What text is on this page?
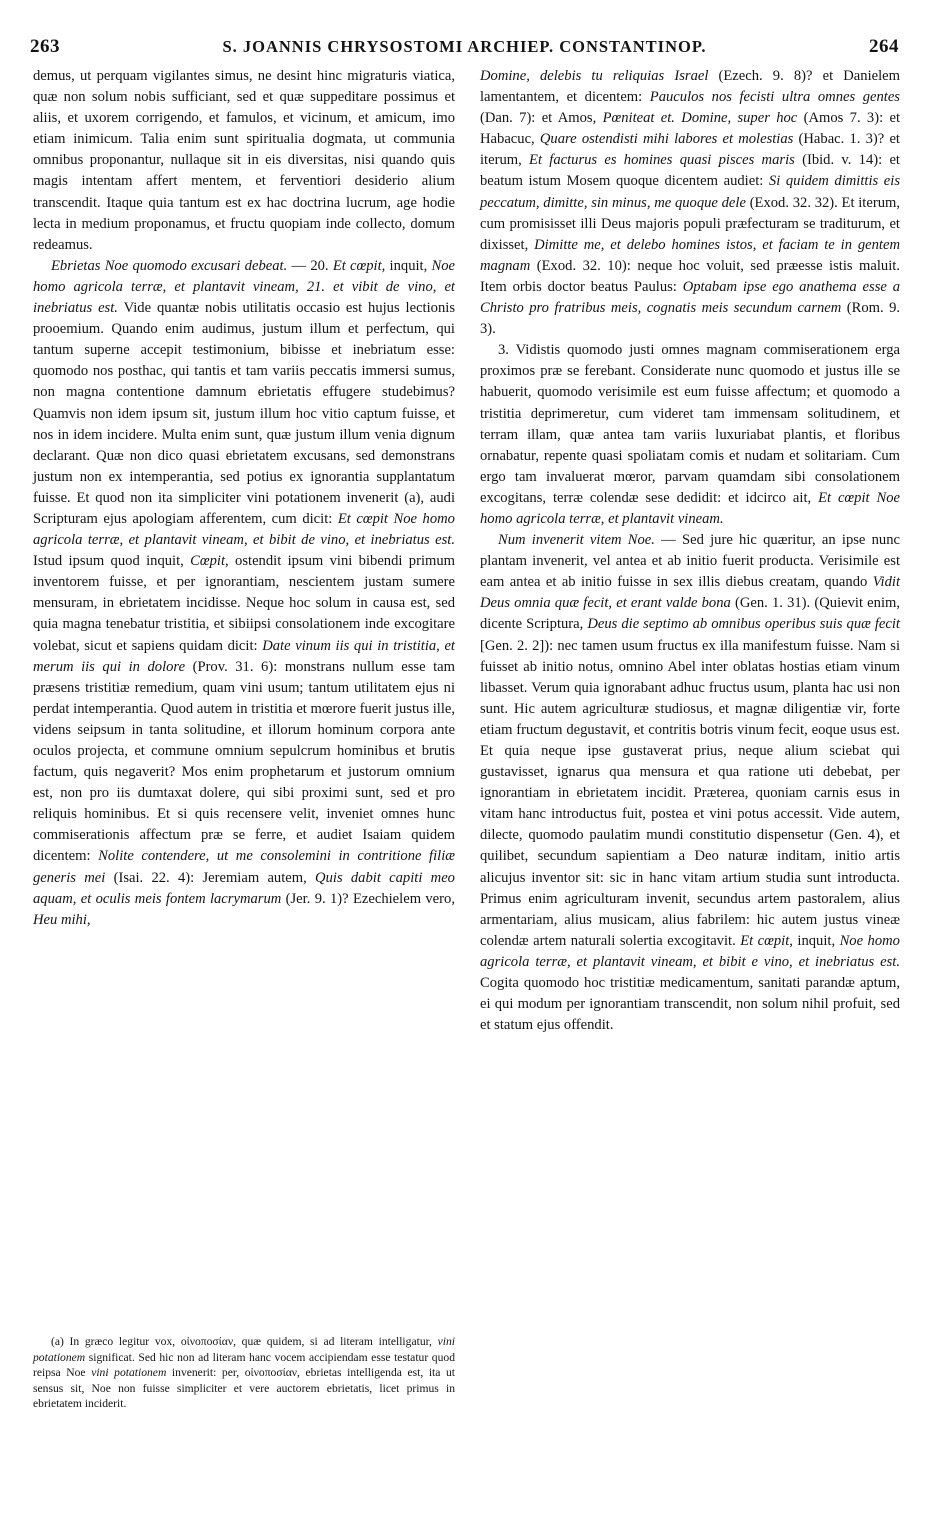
263	S. JOANNIS CHRYSOSTOMI ARCHIEP. CONSTANTINOP.	264

demus, ut perquam vigilantes simus, ne desint hinc migraturis viatica, quæ non solum nobis sufficiant, sed et quæ suppeditare possimus et aliis, et uxorem corrigendo, et famulos, et vicinum, et amicum, imo etiam inimicum. Talia enim sunt spiritualia dogmata, ut communia omnibus proponantur, nullaque sit in eis diversitas, nisi quando quis magis intentam affert mentem, et ferventiori desiderio alium transcendit. Itaque quia tantum est ex hac doctrina lucrum, age hodie lecta in medium proponamus, et fructu quopiam inde collecto, domum redeamus.

Ebrietas Noe quomodo excusari debeat. — 20. Et cœpit, inquit, Noe homo agricola terræ, et plantavit vineam, 21. et vibit de vino, et inebriatus est. Vide quantæ nobis utilitatis occasio est hujus lectionis prooemium. Quando enim audimus, justum illum et perfectum, qui tantum superne accepit testimonium, bibisse et inebriatum esse: quomodo nos posthac, qui tantis et tam variis peccatis immersi sumus, non magna contentione damnum ebrietatis effugere studebimus? Quamvis non idem ipsum sit, justum illum hoc vitio captum fuisse, et nos in idem incidere. Multa enim sunt, quæ justum illum venia dignum declarant. Quæ non dico quasi ebrietatem excusans, sed demonstrans justum non ex intemperantia, sed potius ex ignorantia supplantatum fuisse. Et quod non ita simpliciter vini potationem invenerit (a), audi Scripturam ejus apologiam afferentem, cum dicit: Et cœpit Noe homo agricola terræ, et plantavit vineam, et bibit de vino, et inebriatus est. Istud ipsum quod inquit, Cœpit, ostendit ipsum vini bibendi primum inventorem fuisse, et per ignorantiam, nescientem justam sumere mensuram, in ebrietatem incidisse. Neque hoc solum in causa est, sed quia magna tenebatur tristitia, et sibiipsi consolationem inde excogitare volebat, sicut et sapiens quidam dicit: Date vinum iis qui in tristitia, et merum iis qui in dolore (Prov. 31. 6): monstrans nullum esse tam præsens tristitiæ remedium, quam vini usum; tantum utilitatem ejus ni perdat intemperantia. Quod autem in tristitia et mœrore fuerit justus ille, videns seipsum in tanta solitudine, et illorum hominum corpora ante oculos projecta, et commune omnium sepulcrum hominibus et brutis factum, quis negaverit? Mos enim prophetarum et justorum omnium est, non pro iis dumtaxat dolere, qui sibi proximi sunt, sed et pro reliquis hominibus. Et si quis recensere velit, inveniet omnes hunc commiserationis affectum præ se ferre, et audiet Isaiam quidem dicentem: Nolite contendere, ut me consolemini in contritione filiæ generis mei (Isai. 22. 4): Jeremiam autem, Quis dabit capiti meo aquam, et oculis meis fontem lacrymarum (Jer. 9. 1)? Ezechielem vero, Heu mihi,

(a) In græco legitur vox, οἰνοποσίαν, quæ quidem, si ad literam intelligatur, vini potationem significat. Sed hic non ad literam hanc vocem accipiendam esse testatur quod reipsa Noe vini potationem invenerit: per, οἰνοποσίαν, ebrietas intelligenda est, ita ut sensus sit, Noe non fuisse simpliciter et vere auctorem ebrietatis, licet primus in ebrietatem inciderit.

Domine, delebis tu reliquias Israel (Ezech. 9. 8)? et Danielem lamentantem, et dicentem: Pauculos nos fecisti ultra omnes gentes (Dan. 7): et Amos, Pœniteat et. Domine, super hoc (Amos 7. 3): et Habacuc, Quare ostendisti mihi labores et molestias (Habac. 1. 3)? et iterum, Et facturus es homines quasi pisces maris (Ibid. v. 14): et beatum istum Mosem quoque dicentem audiet: Si quidem dimittis eis peccatum, dimitte, sin minus, me quoque dele (Exod. 32. 32). Et iterum, cum promisisset illi Deus majoris populi præfecturam se traditurum, et dixisset, Dimitte me, et delebo homines istos, et faciam te in gentem magnam (Exod. 32. 10): neque hoc voluit, sed præesse istis maluit. Item orbis doctor beatus Paulus: Optabam ipse ego anathema esse a Christo pro fratribus meis, cognatis meis secundum carnem (Rom. 9. 3).

3. Vidistis quomodo justi omnes magnam commiserationem erga proximos præ se ferebant. Considerate nunc quomodo et justus ille se habuerit, quomodo verisimile est eum fuisse affectum; et quomodo a tristitia deprimeretur, cum videret tam immensam solitudinem, et terram illam, quæ antea tam variis luxuriabat plantis, et floribus ornabatur, repente quasi spoliatam comis et nudam et solitariam. Cum ergo tam invaluerat mœror, parvam quamdam sibi consolationem excogitans, terræ colendæ sese dedidit: et idcirco ait, Et cœpit Noe homo agricola terræ, et plantavit vineam.

Num invenerit vitem Noe. — Sed jure hic quæritur, an ipse nunc plantam invenerit, vel antea et ab initio fuerit producta. Verisimile est eam antea et ab initio fuisse in sex illis diebus creatam, quando Vidit Deus omnia quæ fecit, et erant valde bona (Gen. 1. 31). (Quievit enim, dicente Scriptura, Deus die septimo ab omnibus operibus suis quæ fecit [Gen. 2. 2]): nec tamen usum fructus ex illa manifestum fuisse. Nam si fuisset ab initio notus, omnino Abel inter oblatas hostias etiam vinum libasset. Verum quia ignorabant adhuc fructus usum, planta hac usi non sunt. Hic autem agriculturæ studiosus, et magnæ diligentiæ vir, forte etiam fructum degustavit, et contritis botris vinum fecit, eoque usus est. Et quia neque ipse gustaverat prius, neque alium sciebat qui gustavisset, ignarus qua mensura et qua ratione uti debebat, per ignorantiam in ebrietatem incidit. Præterea, quoniam carnis esus in vitam hanc introductus fuit, postea et vini potus accessit. Vide autem, dilecte, quomodo paulatim mundi constitutio dispensetur (Gen. 4), et quilibet, secundum sapientiam a Deo naturæ inditam, initio artis alicujus inventor sit: sic in hanc vitam artium studia sunt introducta. Primus enim agriculturam invenit, secundus artem pastoralem, alius armentariam, alius musicam, alius fabrilem: hic autem justus vineæ colendæ artem naturali solertia excogitavit. Et cœpit, inquit, Noe homo agricola terræ, et plantavit vineam, et bibit e vino, et inebriatus est. Cogita quomodo hoc tristitiæ medicamentum, sanitati parandæ aptum, ei qui modum per ignorantiam transcendit, non solum nihil profuit, sed et statum ejus offendit.
